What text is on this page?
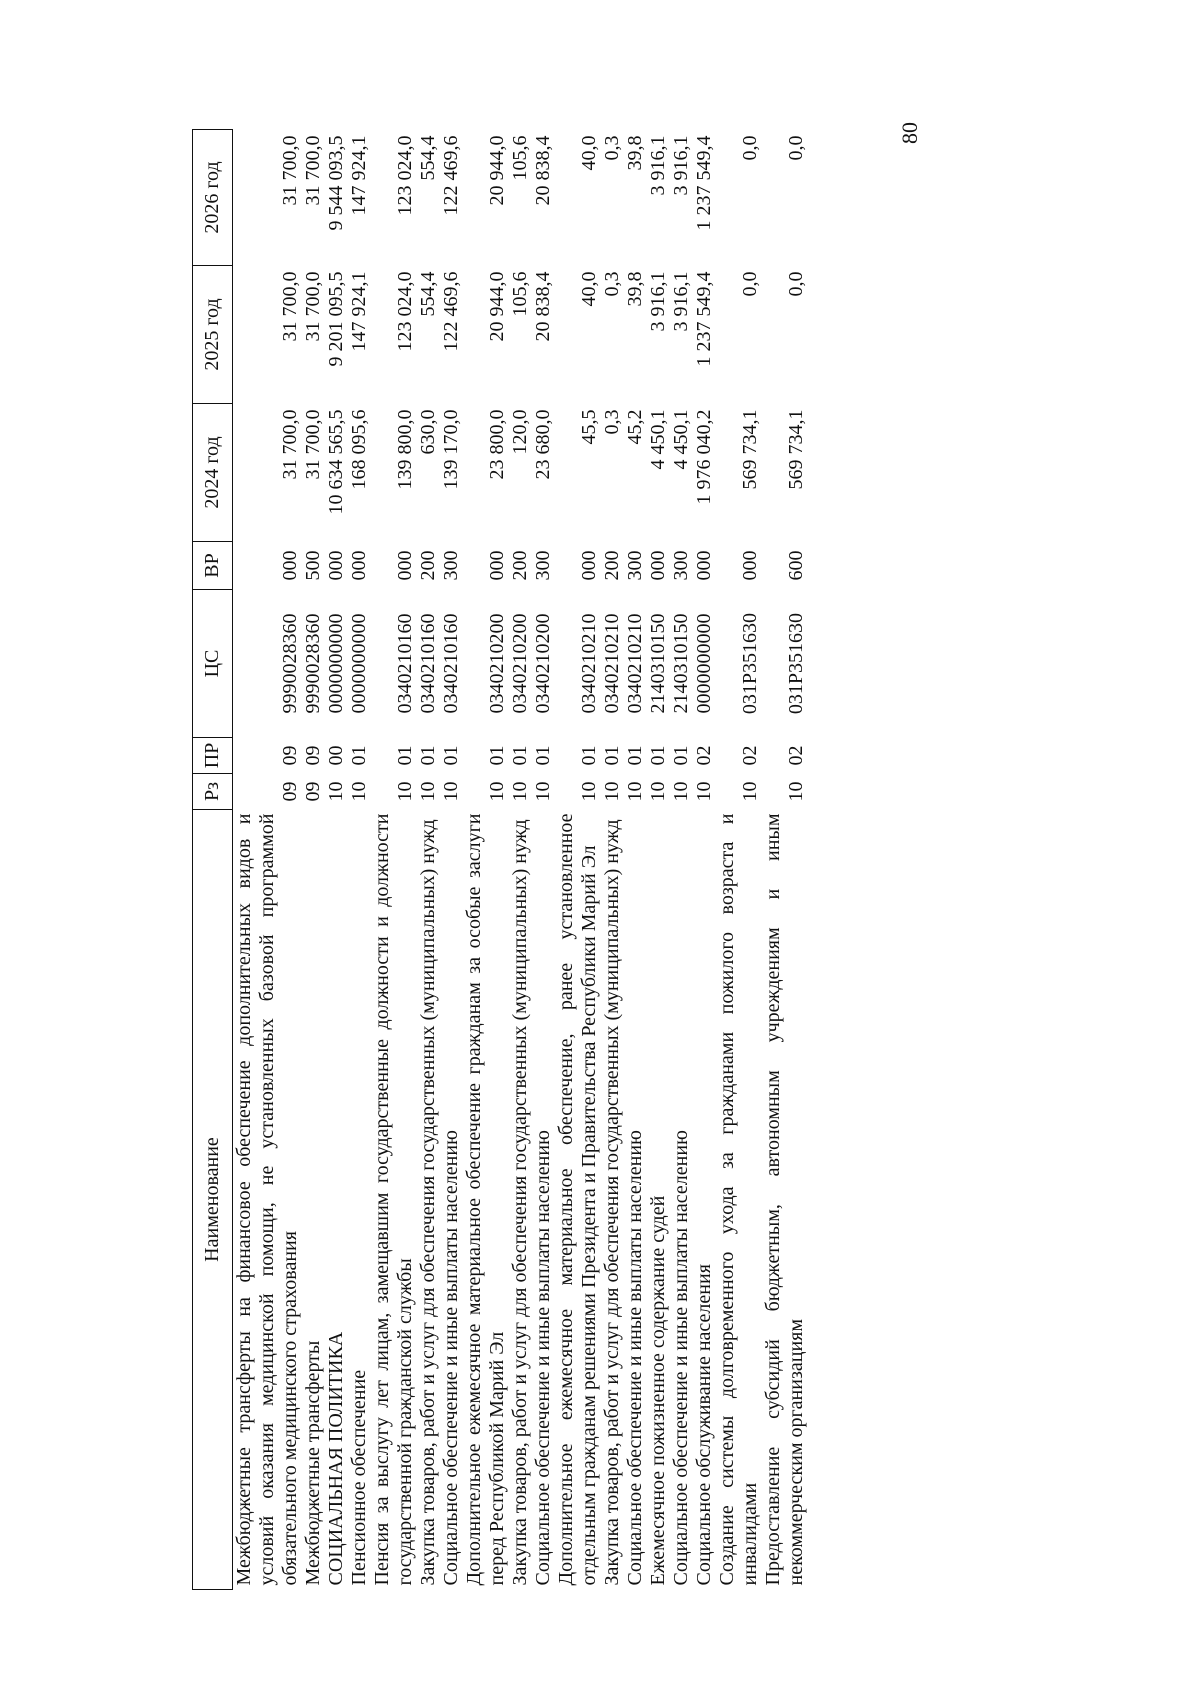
80
Наименование	Рз	ПР	ЦС	ВР	2024 год	2025 год	2026 год
Межбюджетные трансферты на финансовое обеспечение дополнительных видов и условий оказания медицинской помощи, не установленных базовой программой обязательного медицинского страхования	09	09	9990028360	000	31 700,0	31 700,0	31 700,0
Межбюджетные трансферты	09	09	9990028360	500	31 700,0	31 700,0	31 700,0
СОЦИАЛЬНАЯ ПОЛИТИКА	10	00	0000000000	000	10 634 565,5	9 201 095,5	9 544 093,5
Пенсионное обеспечение	10	01	0000000000	000	168 095,6	147 924,1	147 924,1
Пенсия за выслугу лет лицам, замещавшим государственные должности и должности государственной гражданской службы	10	01	0340210160	000	139 800,0	123 024,0	123 024,0
Закупка товаров, работ и услуг для обеспечения государственных (муниципальных) нужд	10	01	0340210160	200	630,0	554,4	554,4
Социальное обеспечение и иные выплаты населению	10	01	0340210160	300	139 170,0	122 469,6	122 469,6
Дополнительное ежемесячное материальное обеспечение гражданам за особые заслуги перед Республикой Марий Эл	10	01	0340210200	000	23 800,0	20 944,0	20 944,0
Закупка товаров, работ и услуг для обеспечения государственных (муниципальных) нужд	10	01	0340210200	200	120,0	105,6	105,6
Социальное обеспечение и иные выплаты населению	10	01	0340210200	300	23 680,0	20 838,4	20 838,4
Дополнительное ежемесячное материальное обеспечение, ранее установленное отдельным гражданам решениями Президента и Правительства Республики Марий Эл	10	01	0340210210	000	45,5	40,0	40,0
Закупка товаров, работ и услуг для обеспечения государственных (муниципальных) нужд	10	01	0340210210	200	0,3	0,3	0,3
Социальное обеспечение и иные выплаты населению	10	01	0340210210	300	45,2	39,8	39,8
Ежемесячное пожизненное содержание судей	10	01	2140310150	000	4 450,1	3 916,1	3 916,1
Социальное обеспечение и иные выплаты населению	10	01	2140310150	300	4 450,1	3 916,1	3 916,1
Социальное обслуживание населения	10	02	0000000000	000	1 976 040,2	1 237 549,4	1 237 549,4
Создание системы долговременного ухода за гражданами пожилого возраста и инвалидами	10	02	031P351630	000	569 734,1	0,0	0,0
Предоставление субсидий бюджетным, автономным учреждениям и иным некоммерческим организациям	10	02	031P351630	600	569 734,1	0,0	0,0
